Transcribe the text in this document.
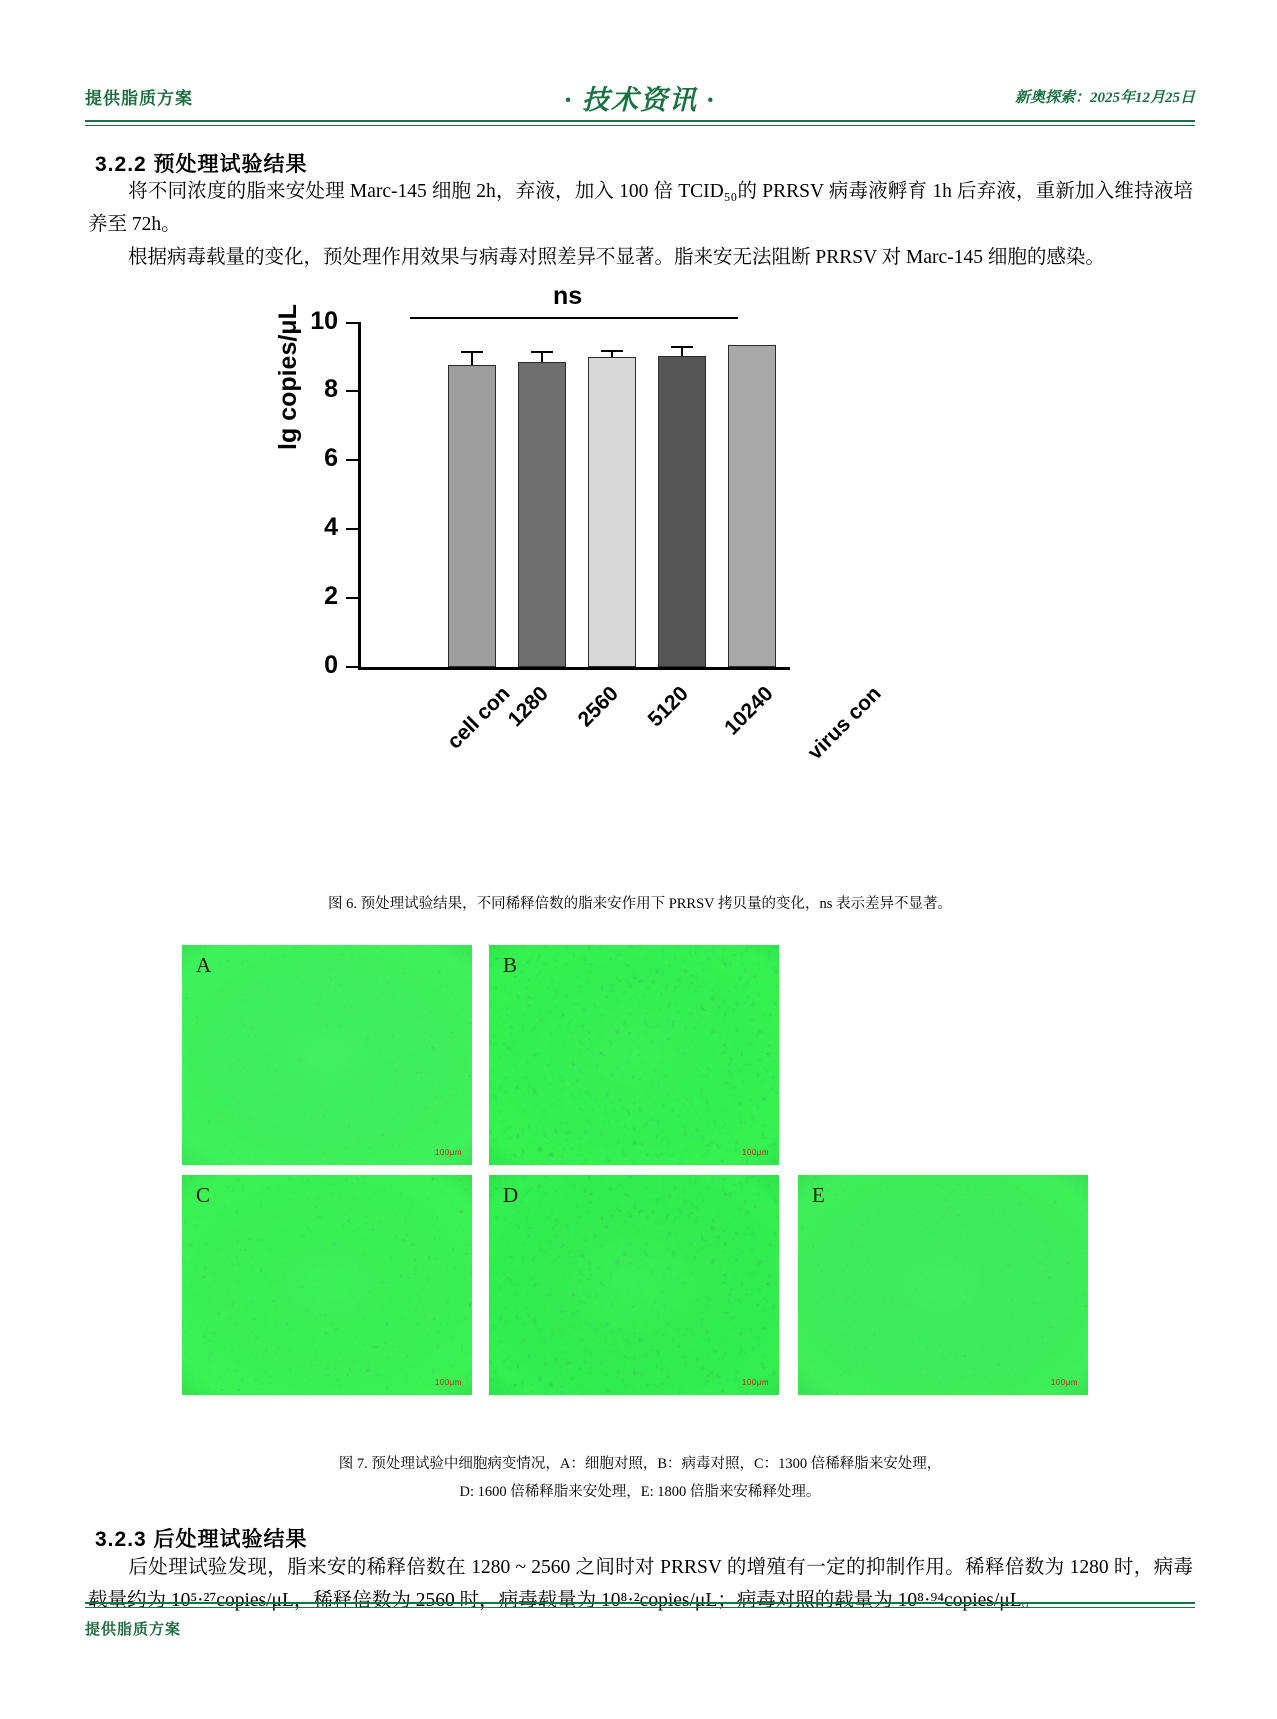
提供脂质方案	· 技术资讯 ·	新奥探索：2025年12月25日
3.2.2 预处理试验结果
将不同浓度的脂来安处理 Marc-145 细胞 2h，弃液，加入 100 倍 TCID₅₀的 PRRSV 病毒液孵育 1h 后弃液，重新加入维持液培养至 72h。
根据病毒载量的变化，预处理作用效果与病毒对照差异不显著。脂来安无法阻断 PRRSV 对 Marc-145 细胞的感染。
lg copies/μL
0
2
4
6
8
10
ns
cell con
1280 2560 5120 10240 virus con
图 6. 预处理试验结果，不同稀释倍数的脂来安作用下 PRRSV 拷贝量的变化，ns 表示差异不显著。
A
100μm
B
100μm
C
100μm
D
100μm
E
100μm
图 7. 预处理试验中细胞病变情况，A：细胞对照，B：病毒对照，C：1300 倍稀释脂来安处理，
D: 1600 倍稀释脂来安处理，E: 1800 倍脂来安稀释处理。
3.2.3 后处理试验结果
后处理试验发现，脂来安的稀释倍数在 1280 ~ 2560 之间时对 PRRSV 的增殖有一定的抑制作用。稀释倍数为 1280 时，病毒载量约为 10⁵·²⁷copies/μL，稀释倍数为 2560 时，病毒载量为 10⁸·²copies/μL；病毒对照的载量为 10⁸·⁹⁴copies/μL。
提供脂质方案
